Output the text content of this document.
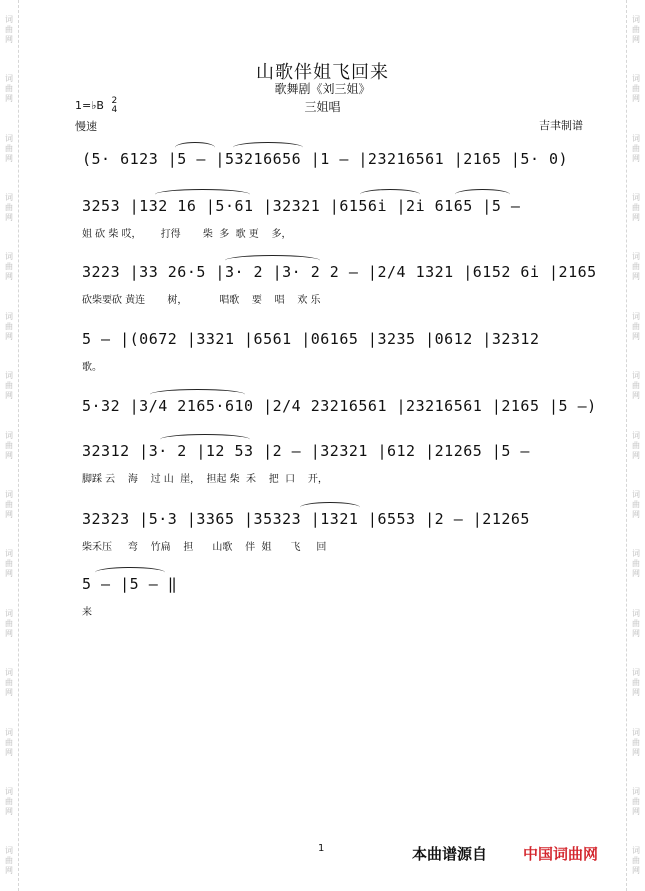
词
曲
网
词
曲
网
词
曲
网
词
曲
网
词
曲
网
词
曲
网
词
曲
网
词
曲
网
词
曲
网
词
曲
网
词
曲
网
词
曲
网
词
曲
网
词
曲
网
词
曲
网
词
曲
网
词
曲
网
词
曲
网
词
曲
网
词
曲
网
词
曲
网
词
曲
网
词
曲
网
词
曲
网
词
曲
网
词
曲
网
词
曲
网
词
曲
网
词
曲
网
词
曲
网
山歌伴姐飞回来
歌舞剧《刘三姐》
三姐唱
1=♭B 2
4
慢速	吉聿制谱
(5· 6123 |5 — |53216656 |1 — |23216561 |2165 |5· 0)
3253 |132 16 |5·61 |32321 |6156i |2i 6165 |5 —
姐 砍 柴 哎，      打得       柴  多  歌 更    多，
3223 |33 26·5 |3· 2 |3· 2 2 — |2/4 1321 |6152 6i |2165
砍柴要砍 黄连       树，          唱歌    要    唱    欢 乐
5 — |(0672 |3321 |6561 |06165 |3235 |0612 |32312
歌。
5·32 |3/4 2165·610 |2/4 23216561 |23216561 |2165 |5 —)
32312 |3· 2 |12 53 |2 — |32321 |612 |21265 |5 —
脚踩 云    海    过 山  崖，  担起 柴  禾    把  口    开，
32323 |5·3 |3365 |35323 |1321 |6553 |2 — |21265
柴禾压     弯    竹扁    担      山歌    伴  姐      飞     回
5 — |5 — ‖
来
1	本曲谱源自 中国词曲网
